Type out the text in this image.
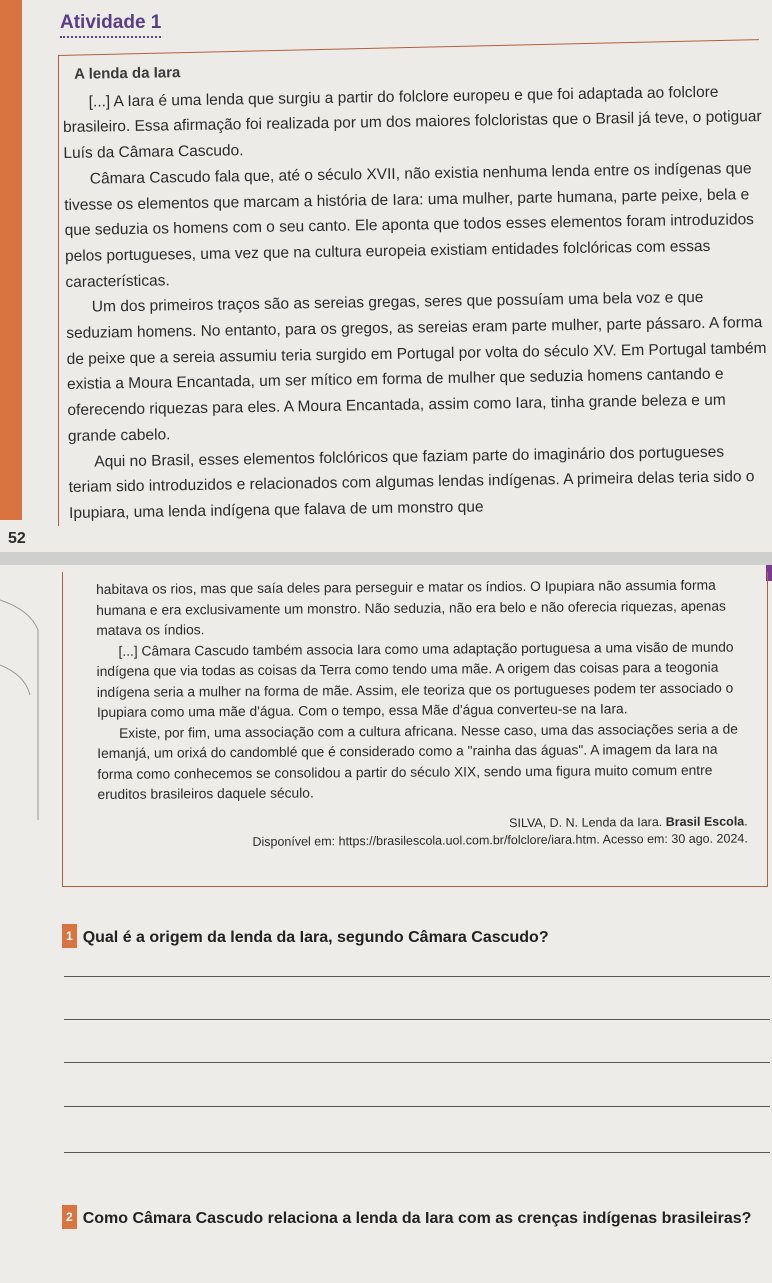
Atividade 1
A lenda da Iara

[...] A Iara é uma lenda que surgiu a partir do folclore europeu e que foi adaptada ao folclore brasileiro. Essa afirmação foi realizada por um dos maiores folcloristas que o Brasil já teve, o potiguar Luís da Câmara Cascudo.

Câmara Cascudo fala que, até o século XVII, não existia nenhuma lenda entre os indígenas que tivesse os elementos que marcam a história de Iara: uma mulher, parte humana, parte peixe, bela e que seduzia os homens com o seu canto. Ele aponta que todos esses elementos foram introduzidos pelos portugueses, uma vez que na cultura europeia existiam entidades folclóricas com essas características.

Um dos primeiros traços são as sereias gregas, seres que possuíam uma bela voz e que seduziam homens. No entanto, para os gregos, as sereias eram parte mulher, parte pássaro. A forma de peixe que a sereia assumiu teria surgido em Portugal por volta do século XV. Em Portugal também existia a Moura Encantada, um ser mítico em forma de mulher que seduzia homens cantando e oferecendo riquezas para eles. A Moura Encantada, assim como Iara, tinha grande beleza e um grande cabelo.

Aqui no Brasil, esses elementos folclóricos que faziam parte do imaginário dos portugueses teriam sido introduzidos e relacionados com algumas lendas indígenas. A primeira delas teria sido o Ipupiara, uma lenda indígena que falava de um monstro que

52

habitava os rios, mas que saía deles para perseguir e matar os índios. O Ipupiara não assumia forma humana e era exclusivamente um monstro. Não seduzia, não era belo e não oferecia riquezas, apenas matava os índios.

[...] Câmara Cascudo também associa Iara como uma adaptação portuguesa a uma visão de mundo indígena que via todas as coisas da Terra como tendo uma mãe. A origem das coisas para a teogonia indígena seria a mulher na forma de mãe. Assim, ele teoriza que os portugueses podem ter associado o Ipupiara como uma mãe d'água. Com o tempo, essa Mãe d'água converteu-se na Iara.

Existe, por fim, uma associação com a cultura africana. Nesse caso, uma das associações seria a de Iemanjá, um orixá do candomblé que é considerado como a "rainha das águas". A imagem da Iara na forma como conhecemos se consolidou a partir do século XIX, sendo uma figura muito comum entre eruditos brasileiros daquele século.

SILVA, D. N. Lenda da Iara. Brasil Escola.
Disponível em: https://brasilescola.uol.com.br/folclore/iara.htm. Acesso em: 30 ago. 2024.
1 Qual é a origem da lenda da Iara, segundo Câmara Cascudo?
2 Como Câmara Cascudo relaciona a lenda da Iara com as crenças indígenas brasileiras?
